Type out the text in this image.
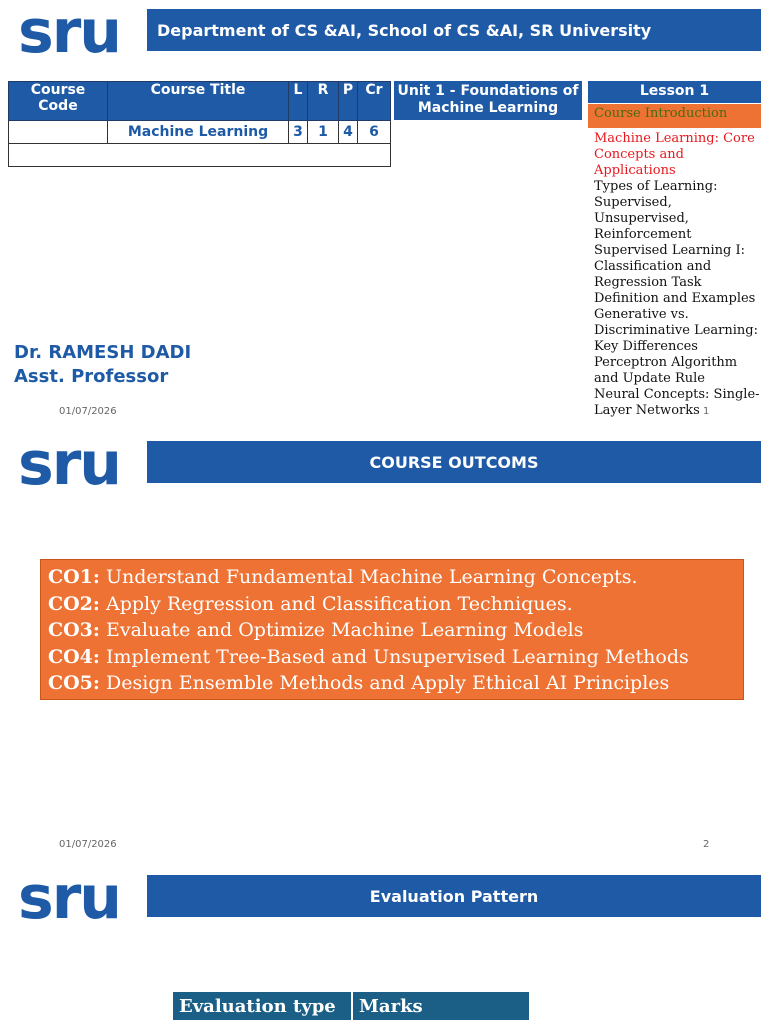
sru	Department of CS &AI, School of CS &AI, SR University
Course Code	Course Title	L	R	P	Cr
	Machine Learning	3	1	4	6

Unit 1 - Foundations of Machine Learning
Lesson 1
Course Introduction
Machine Learning: Core Concepts and Applications
Types of Learning: Supervised, Unsupervised, Reinforcement
Supervised Learning I: Classification and Regression Task Definition and Examples
Generative vs. Discriminative Learning: Key Differences
Perceptron Algorithm and Update Rule
Neural Concepts: Single-Layer Networks
Dr. RAMESH DADI
Asst. Professor
01/07/2026	1
sru	COURSE OUTCOMS
CO1: Understand Fundamental Machine Learning Concepts.
CO2: Apply Regression and Classification Techniques.
CO3: Evaluate and Optimize Machine Learning Models
CO4: Implement Tree-Based and Unsupervised Learning Methods
CO5: Design Ensemble Methods and Apply Ethical AI Principles
01/07/2026	2
sru	Evaluation Pattern
Evaluation type	Marks
